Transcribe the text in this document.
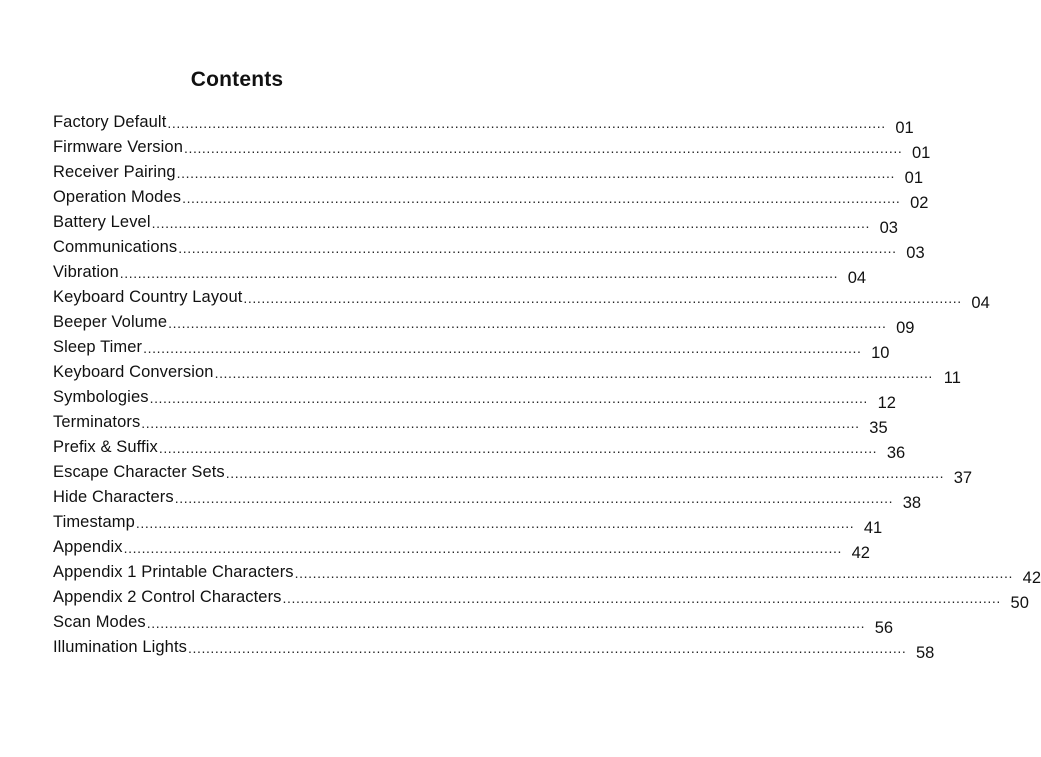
Contents
Factory Default ................................................................................................................................................................ 01
Firmware Version ................................................................................................................................................................ 01
Receiver Pairing ................................................................................................................................................................ 01
Operation Modes ................................................................................................................................................................ 02
Battery Level ................................................................................................................................................................ 03
Communications ................................................................................................................................................................ 03
Vibration ................................................................................................................................................................ 04
Keyboard Country Layout ................................................................................................................................................................ 04
Beeper Volume ................................................................................................................................................................ 09
Sleep Timer ................................................................................................................................................................ 10
Keyboard Conversion ................................................................................................................................................................ 11
Symbologies ................................................................................................................................................................ 12
Terminators ................................................................................................................................................................ 35
Prefix & Suffix ................................................................................................................................................................ 36
Escape Character Sets ................................................................................................................................................................ 37
Hide Characters ................................................................................................................................................................ 38
Timestamp ................................................................................................................................................................ 41
Appendix ................................................................................................................................................................ 42
Appendix 1 Printable Characters ................................................................................................................................................................ 42
Appendix 2 Control Characters ................................................................................................................................................................ 50
Scan Modes ................................................................................................................................................................ 56
Illumination Lights ................................................................................................................................................................ 58
